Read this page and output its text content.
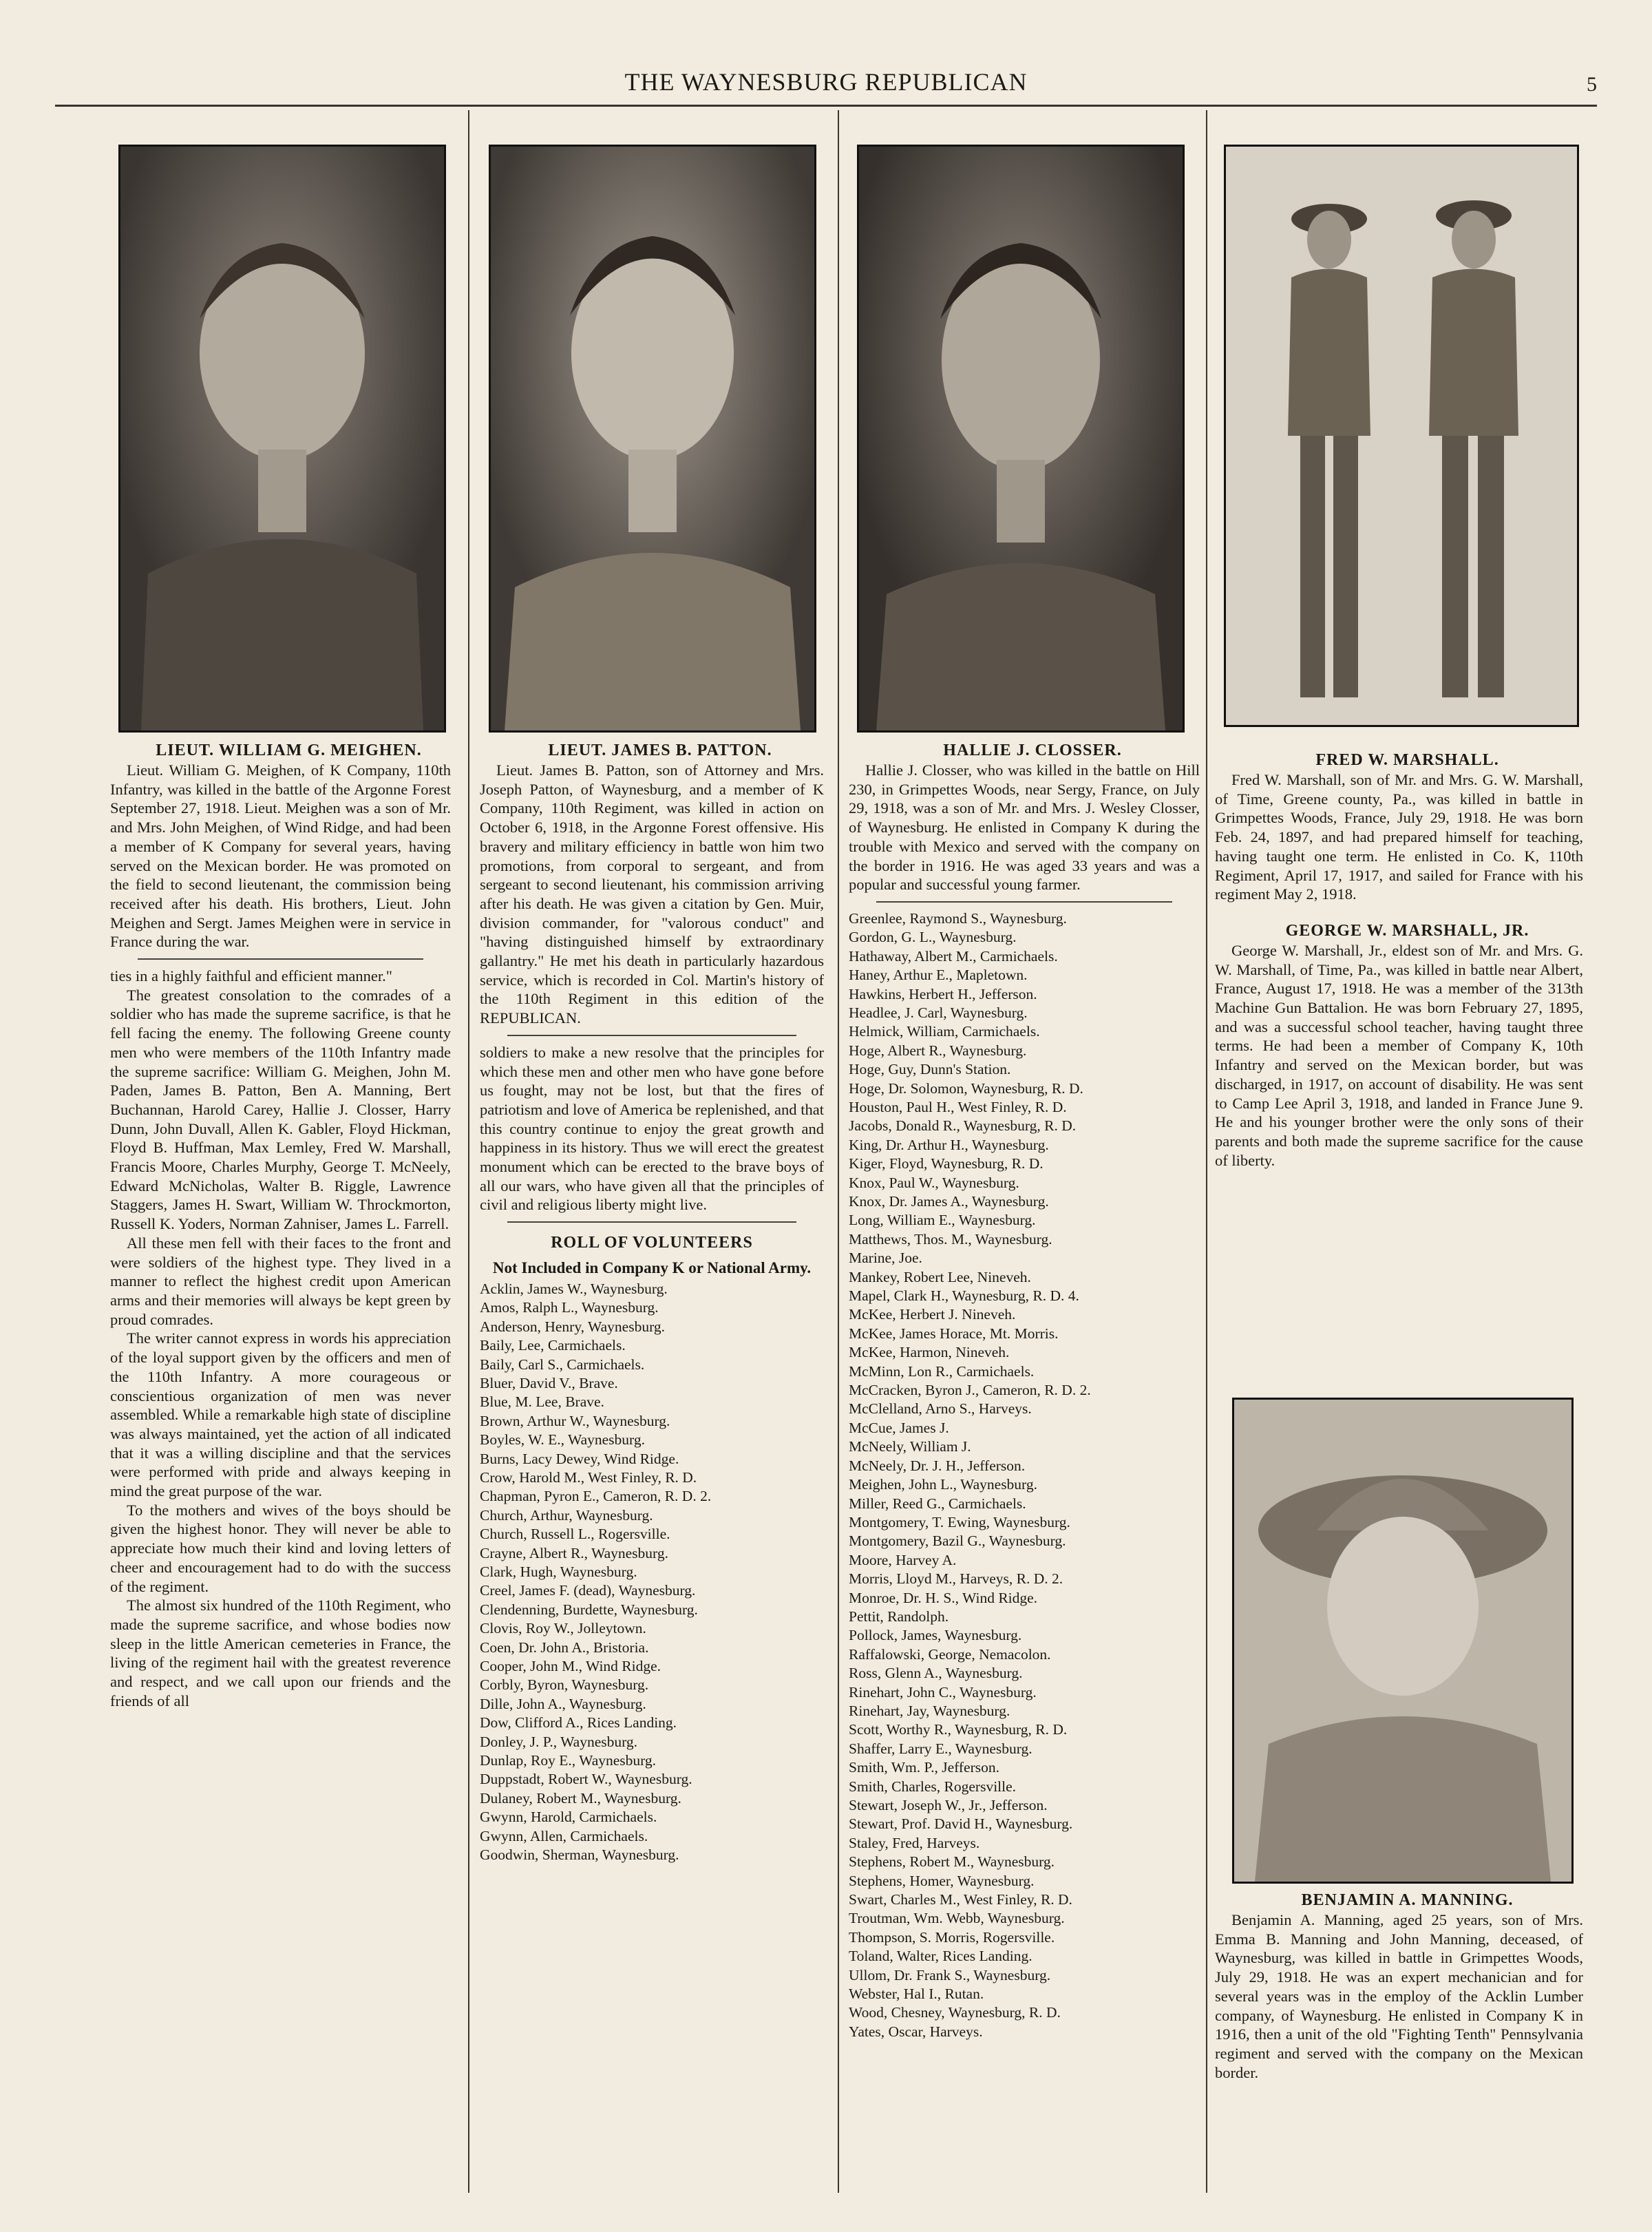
THE WAYNESBURG REPUBLICAN	5

LIEUT. WILLIAM G. MEIGHEN.

Lieut. William G. Meighen, of K Company, 110th Infantry, was killed in the battle of the Argonne Forest September 27, 1918. Lieut. Meighen was a son of Mr. and Mrs. John Meighen, of Wind Ridge, and had been a member of K Company for several years, having served on the Mexican border. He was promoted on the field to second lieutenant, the commission being received after his death. His brothers, Lieut. John Meighen and Sergt. James Meighen were in service in France during the war.

ties in a highly faithful and efficient manner."

The greatest consolation to the comrades of a soldier who has made the supreme sacrifice, is that he fell facing the enemy. The following Greene county men who were members of the 110th Infantry made the supreme sacrifice: William G. Meighen, John M. Paden, James B. Patton, Ben A. Manning, Bert Buchannan, Harold Carey, Hallie J. Closser, Harry Dunn, John Duvall, Allen K. Gabler, Floyd Hickman, Floyd B. Huffman, Max Lemley, Fred W. Marshall, Francis Moore, Charles Murphy, George T. McNeely, Edward McNicholas, Walter B. Riggle, Lawrence Staggers, James H. Swart, William W. Throckmorton, Russell K. Yoders, Norman Zahniser, James L. Farrell.

All these men fell with their faces to the front and were soldiers of the highest type. They lived in a manner to reflect the highest credit upon American arms and their memories will always be kept green by proud comrades.

The writer cannot express in words his appreciation of the loyal support given by the officers and men of the 110th Infantry. A more courageous or conscientious organization of men was never assembled. While a remarkable high state of discipline was always maintained, yet the action of all indicated that it was a willing discipline and that the services were performed with pride and always keeping in mind the great purpose of the war.

To the mothers and wives of the boys should be given the highest honor. They will never be able to appreciate how much their kind and loving letters of cheer and encouragement had to do with the success of the regiment.

The almost six hundred of the 110th Regiment, who made the supreme sacrifice, and whose bodies now sleep in the little American cemeteries in France, the living of the regiment hail with the greatest reverence and respect, and we call upon our friends and the friends of all

LIEUT. JAMES B. PATTON.

Lieut. James B. Patton, son of Attorney and Mrs. Joseph Patton, of Waynesburg, and a member of K Company, 110th Regiment, was killed in action on October 6, 1918, in the Argonne Forest offensive. His bravery and military efficiency in battle won him two promotions, from corporal to sergeant, and from sergeant to second lieutenant, his commission arriving after his death. He was given a citation by Gen. Muir, division commander, for "valorous conduct" and "having distinguished himself by extraordinary gallantry." He met his death in particularly hazardous service, which is recorded in Col. Martin's history of the 110th Regiment in this edition of the REPUBLICAN.

soldiers to make a new resolve that the principles for which these men and other men who have gone before us fought, may not be lost, but that the fires of patriotism and love of America be replenished, and that this country continue to enjoy the great growth and happiness in its history. Thus we will erect the greatest monument which can be erected to the brave boys of all our wars, who have given all that the principles of civil and religious liberty might live.

ROLL OF VOLUNTEERS
Not Included in Company K or National Army.
Acklin, James W., Waynesburg.
Amos, Ralph L., Waynesburg.
Anderson, Henry, Waynesburg.
Baily, Lee, Carmichaels.
Baily, Carl S., Carmichaels.
Bluer, David V., Brave.
Blue, M. Lee, Brave.
Brown, Arthur W., Waynesburg.
Boyles, W. E., Waynesburg.
Burns, Lacy Dewey, Wind Ridge.
Crow, Harold M., West Finley, R. D.
Chapman, Pyron E., Cameron, R. D. 2.
Church, Arthur, Waynesburg.
Church, Russell L., Rogersville.
Crayne, Albert R., Waynesburg.
Clark, Hugh, Waynesburg.
Creel, James F. (dead), Waynesburg.
Clendenning, Burdette, Waynesburg.
Clovis, Roy W., Jolleytown.
Coen, Dr. John A., Bristoria.
Cooper, John M., Wind Ridge.
Corbly, Byron, Waynesburg.
Dille, John A., Waynesburg.
Dow, Clifford A., Rices Landing.
Donley, J. P., Waynesburg.
Dunlap, Roy E., Waynesburg.
Duppstadt, Robert W., Waynesburg.
Dulaney, Robert M., Waynesburg.
Gwynn, Harold, Carmichaels.
Gwynn, Allen, Carmichaels.
Goodwin, Sherman, Waynesburg.

HALLIE J. CLOSSER.

Hallie J. Closser, who was killed in the battle on Hill 230, in Grimpettes Woods, near Sergy, France, on July 29, 1918, was a son of Mr. and Mrs. J. Wesley Closser, of Waynesburg. He enlisted in Company K during the trouble with Mexico and served with the company on the border in 1916. He was aged 33 years and was a popular and successful young farmer.

Greenlee, Raymond S., Waynesburg.
Gordon, G. L., Waynesburg.
Hathaway, Albert M., Carmichaels.
Haney, Arthur E., Mapletown.
Hawkins, Herbert H., Jefferson.
Headlee, J. Carl, Waynesburg.
Helmick, William, Carmichaels.
Hoge, Albert R., Waynesburg.
Hoge, Guy, Dunn's Station.
Hoge, Dr. Solomon, Waynesburg, R. D.
Houston, Paul H., West Finley, R. D.
Jacobs, Donald R., Waynesburg, R. D.
King, Dr. Arthur H., Waynesburg.
Kiger, Floyd, Waynesburg, R. D.
Knox, Paul W., Waynesburg.
Knox, Dr. James A., Waynesburg.
Long, William E., Waynesburg.
Matthews, Thos. M., Waynesburg.
Marine, Joe.
Mankey, Robert Lee, Nineveh.
Mapel, Clark H., Waynesburg, R. D. 4.
McKee, Herbert J. Nineveh.
McKee, James Horace, Mt. Morris.
McKee, Harmon, Nineveh.
McMinn, Lon R., Carmichaels.
McCracken, Byron J., Cameron, R. D. 2.
McClelland, Arno S., Harveys.
McCue, James J.
McNeely, William J.
McNeely, Dr. J. H., Jefferson.
Meighen, John L., Waynesburg.
Miller, Reed G., Carmichaels.
Montgomery, T. Ewing, Waynesburg.
Montgomery, Bazil G., Waynesburg.
Moore, Harvey A.
Morris, Lloyd M., Harveys, R. D. 2.
Monroe, Dr. H. S., Wind Ridge.
Pettit, Randolph.
Pollock, James, Waynesburg.
Raffalowski, George, Nemacolon.
Ross, Glenn A., Waynesburg.
Rinehart, John C., Waynesburg.
Rinehart, Jay, Waynesburg.
Scott, Worthy R., Waynesburg, R. D.
Shaffer, Larry E., Waynesburg.
Smith, Wm. P., Jefferson.
Smith, Charles, Rogersville.
Stewart, Joseph W., Jr., Jefferson.
Stewart, Prof. David H., Waynesburg.
Staley, Fred, Harveys.
Stephens, Robert M., Waynesburg.
Stephens, Homer, Waynesburg.
Swart, Charles M., West Finley, R. D.
Troutman, Wm. Webb, Waynesburg.
Thompson, S. Morris, Rogersville.
Toland, Walter, Rices Landing.
Ullom, Dr. Frank S., Waynesburg.
Webster, Hal I., Rutan.
Wood, Chesney, Waynesburg, R. D.
Yates, Oscar, Harveys.

FRED W. MARSHALL.

Fred W. Marshall, son of Mr. and Mrs. G. W. Marshall, of Time, Greene county, Pa., was killed in battle in Grimpettes Woods, France, July 29, 1918. He was born Feb. 24, 1897, and had prepared himself for teaching, having taught one term. He enlisted in Co. K, 110th Regiment, April 17, 1917, and sailed for France with his regiment May 2, 1918.

GEORGE W. MARSHALL, JR.

George W. Marshall, Jr., eldest son of Mr. and Mrs. G. W. Marshall, of Time, Pa., was killed in battle near Albert, France, August 17, 1918. He was a member of the 313th Machine Gun Battalion. He was born February 27, 1895, and was a successful school teacher, having taught three terms. He had been a member of Company K, 10th Infantry and served on the Mexican border, but was discharged, in 1917, on account of disability. He was sent to Camp Lee April 3, 1918, and landed in France June 9. He and his younger brother were the only sons of their parents and both made the supreme sacrifice for the cause of liberty.

BENJAMIN A. MANNING.

Benjamin A. Manning, aged 25 years, son of Mrs. Emma B. Manning and John Manning, deceased, of Waynesburg, was killed in battle in Grimpettes Woods, July 29, 1918. He was an expert mechanician and for several years was in the employ of the Acklin Lumber company, of Waynesburg. He enlisted in Company K in 1916, then a unit of the old "Fighting Tenth" Pennsylvania regiment and served with the company on the Mexican border.
